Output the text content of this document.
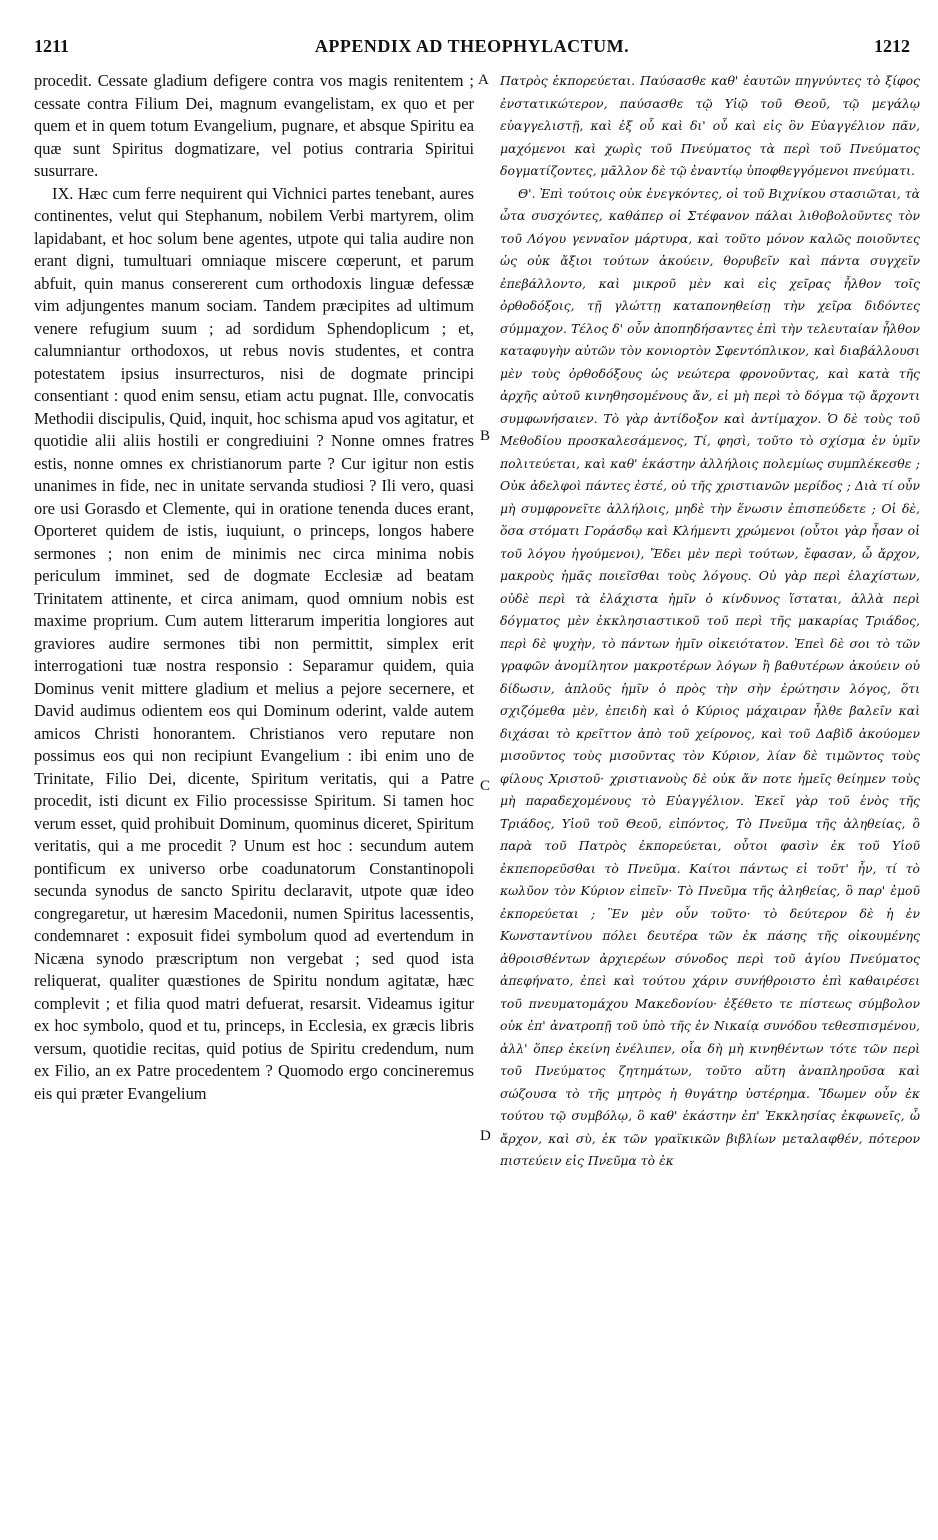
1211	APPENDIX AD THEOPHYLACTUM.	1212
A
B
C
D

procedit. Cessate gladium defigere contra vos magis renitentem ; cessate contra Filium Dei, magnum evangelistam, ex quo et per quem et in quem totum Evangelium, pugnare, et absque Spiritu ea quæ sunt Spiritus dogmatizare, vel potius contraria Spiritui susurrare.

IX. Hæc cum ferre nequirent qui Vichnici partes tenebant, aures continentes, velut qui Stephanum, nobilem Verbi martyrem, olim lapidabant, et hoc solum bene agentes, utpote qui talia audire non erant digni, tumultuari omniaque miscere cœperunt, et parum abfuit, quin manus consererent cum orthodoxis linguæ defessæ vim adjungentes manum sociam. Tandem præcipites ad ultimum venere refugium suum ; ad sordidum Sphendoplicum ; et, calumniantur orthodoxos, ut rebus novis studentes, et contra potestatem ipsius insurrecturos, nisi de dogmate principi consentiant : quod enim sensu, etiam actu pugnat. Ille, convocatis Methodii discipulis, Quid, inquit, hoc schisma apud vos agitatur, et quotidie alii aliis hostili er congrediuini ? Nonne omnes fratres estis, nonne omnes ex christianorum parte ? Cur igitur non estis unanimes in fide, nec in unitate servanda studiosi ? Ili vero, quasi ore usi Gorasdo et Clemente, qui in oratione tenenda duces erant, Oporteret quidem de istis, iuquiunt, o princeps, longos habere sermones ; non enim de minimis nec circa minima nobis periculum imminet, sed de dogmate Ecclesiæ ad beatam Trinitatem attinente, et circa animam, quod omnium nobis est maxime proprium. Cum autem litterarum imperitia longiores aut graviores audire sermones tibi non permittit, simplex erit interrogationi tuæ nostra responsio : Separamur quidem, quia Dominus venit mittere gladium et melius a pejore secernere, et David audimus odientem eos qui Dominum oderint, valde autem amicos Christi honorantem. Christianos vero reputare non possimus eos qui non recipiunt Evangelium : ibi enim uno de Trinitate, Filio Dei, dicente, Spiritum veritatis, qui a Patre procedit, isti dicunt ex Filio processisse Spiritum. Si tamen hoc verum esset, quid prohibuit Dominum, quominus diceret, Spiritum veritatis, qui a me procedit ? Unum est hoc : secundum autem pontificum ex universo orbe coadunatorum Constantinopoli secunda synodus de sancto Spiritu declaravit, utpote quæ ideo congregaretur, ut hæresim Macedonii, numen Spiritus lacessentis, condemnaret : exposuit fidei symbolum quod ad evertendum in Nicæna synodo præscriptum non vergebat ; sed quod ista reliquerat, qualiter quæstiones de Spiritu nondum agitatæ, hæc complevit ; et filia quod matri defuerat, resarsit. Videamus igitur ex hoc symbolo, quod et tu, princeps, in Ecclesia, ex græcis libris versum, quotidie recitas, quid potius de Spiritu credendum, num ex Filio, an ex Patre procedentem ? Quomodo ergo concineremus eis qui præter Evangelium

Πατρὸς ἐκπορεύεται. Παύσασθε καθ' ἑαυτῶν πηγνύντες τὸ ξίφος ἐνστατικώτερον, παύσασθε τῷ Υἱῷ τοῦ Θεοῦ, τῷ μεγάλῳ εὐαγγελιστῇ, καὶ ἐξ οὗ καὶ δι' οὗ καὶ εἰς ὃν Εὐαγγέλιον πᾶν, μαχόμενοι καὶ χωρὶς τοῦ Πνεύματος τὰ περὶ τοῦ Πνεύματος δογματίζοντες, μᾶλλον δὲ τῷ ἐναντίῳ ὑποφθεγγόμενοι πνεύματι.

Θ'. Ἐπὶ τούτοις οὐκ ἐνεγκόντες, οἱ τοῦ Βιχνίκου στασιῶται, τὰ ὦτα συσχόντες, καθάπερ οἱ Στέφανον πάλαι λιθοβολοῦντες τὸν τοῦ Λόγου γενναῖον μάρτυρα, καὶ τοῦτο μόνον καλῶς ποιοῦντες ὡς οὐκ ἄξιοι τούτων ἀκούειν, θορυβεῖν καὶ πάντα συγχεῖν ἐπεβάλλοντο, καὶ μικροῦ μὲν καὶ εἰς χεῖρας ἦλθον τοῖς ὀρθοδόξοις, τῇ γλώττῃ καταπονηθείσῃ τὴν χεῖρα διδόντες σύμμαχον. Τέλος δ' οὖν ἀποπηδήσαντες ἐπὶ τὴν τελευταίαν ἦλθον καταφυγὴν αὐτῶν τὸν κονιορτὸν Σφεντόπλικον, καὶ διαβάλλουσι μὲν τοὺς ὀρθοδόξους ὡς νεώτερα φρονοῦντας, καὶ κατὰ τῆς ἀρχῆς αὐτοῦ κινηθησομένους ἄν, εἰ μὴ περὶ τὸ δόγμα τῷ ἄρχοντι συμφωνήσαιεν. Τὸ γὰρ ἀντίδοξον καὶ ἀντίμαχον. Ὁ δὲ τοὺς τοῦ Μεθοδίου προσκαλεσάμενος, Τί, φησὶ, τοῦτο τὸ σχίσμα ἐν ὑμῖν πολιτεύεται, καὶ καθ' ἑκάστην ἀλλήλοις πολεμίως συμπλέκεσθε ; Οὐκ ἀδελφοὶ πάντες ἐστέ, οὐ τῆς χριστιανῶν μερίδος ; Διὰ τί οὖν μὴ συμφρονεῖτε ἀλλήλοις, μηδὲ τὴν ἕνωσιν ἐπισπεύδετε ; Οἱ δὲ, ὅσα στόματι Γοράσδῳ καὶ Κλήμεντι χρώμενοι (οὗτοι γὰρ ἦσαν οἱ τοῦ λόγου ἡγούμενοι), Ἔδει μὲν περὶ τούτων, ἔφασαν, ὦ ἄρχον, μακροὺς ἡμᾶς ποιεῖσθαι τοὺς λόγους. Οὐ γὰρ περὶ ἐλαχίστων, οὐδὲ περὶ τὰ ἐλάχιστα ἡμῖν ὁ κίνδυνος ἵσταται, ἀλλὰ περὶ δόγματος μὲν ἐκκλησιαστικοῦ τοῦ περὶ τῆς μακαρίας Τριάδος, περὶ δὲ ψυχὴν, τὸ πάντων ἡμῖν οἰκειότατον. Ἐπεὶ δὲ σοι τὸ τῶν γραφῶν ἀνομίλητον μακροτέρων λόγων ἢ βαθυτέρων ἀκούειν οὐ δίδωσιν, ἁπλοῦς ἡμῖν ὁ πρὸς τὴν σὴν ἐρώτησιν λόγος, ὅτι σχιζόμεθα μὲν, ἐπειδὴ καὶ ὁ Κύριος μάχαιραν ἦλθε βαλεῖν καὶ διχάσαι τὸ κρεῖττον ἀπὸ τοῦ χείρονος, καὶ τοῦ Δαβὶδ ἀκούομεν μισοῦντος τοὺς μισοῦντας τὸν Κύριον, λίαν δὲ τιμῶντος τοὺς φίλους Χριστοῦ· χριστιανοὺς δὲ οὐκ ἄν ποτε ἡμεῖς θείημεν τοὺς μὴ παραδεχομένους τὸ Εὐαγγέλιον. Ἐκεῖ γὰρ τοῦ ἑνὸς τῆς Τριάδος, Υἱοῦ τοῦ Θεοῦ, εἰπόντος, Τὸ Πνεῦμα τῆς ἀληθείας, ὃ παρὰ τοῦ Πατρὸς ἐκπορεύεται, οὗτοι φασὶν ἐκ τοῦ Υἱοῦ ἐκπεπορεῦσθαι τὸ Πνεῦμα. Καίτοι πάντως εἰ τοῦτ' ἦν, τί τὸ κωλῦον τὸν Κύριον εἰπεῖν· Τὸ Πνεῦμα τῆς ἀληθείας, ὃ παρ' ἐμοῦ ἐκπορεύεται ; Ἓν μὲν οὖν τοῦτο· τὸ δεύτερον δὲ ἡ ἐν Κωνσταντίνου πόλει δευτέρα τῶν ἐκ πάσης τῆς οἰκουμένης ἀθροισθέντων ἀρχιερέων σύνοδος περὶ τοῦ ἁγίου Πνεύματος ἀπεφήνατο, ἐπεὶ καὶ τούτου χάριν συνήθροιστο ἐπὶ καθαιρέσει τοῦ πνευματομάχου Μακεδονίου· ἐξέθετο τε πίστεως σύμβολον οὐκ ἐπ' ἀνατροπῇ τοῦ ὑπὸ τῆς ἐν Νικαίᾳ συνόδου τεθεσπισμένου, ἀλλ' ὅπερ ἐκείνη ἐνέλιπεν, οἷα δὴ μὴ κινηθέντων τότε τῶν περὶ τοῦ Πνεύματος ζητημάτων, τοῦτο αὕτη ἀναπληροῦσα καὶ σώζουσα τὸ τῆς μητρὸς ἡ θυγάτηρ ὑστέρημα. Ἴδωμεν οὖν ἐκ τούτου τῷ συμβόλῳ, ὃ καθ' ἑκάστην ἐπ' Ἐκκλησίας ἐκφωνεῖς, ὦ ἄρχον, καὶ σὺ, ἐκ τῶν γραϊκικῶν βιβλίων μεταλαφθέν, πότερον πιστεύειν εἰς Πνεῦμα τὸ ἐκ
